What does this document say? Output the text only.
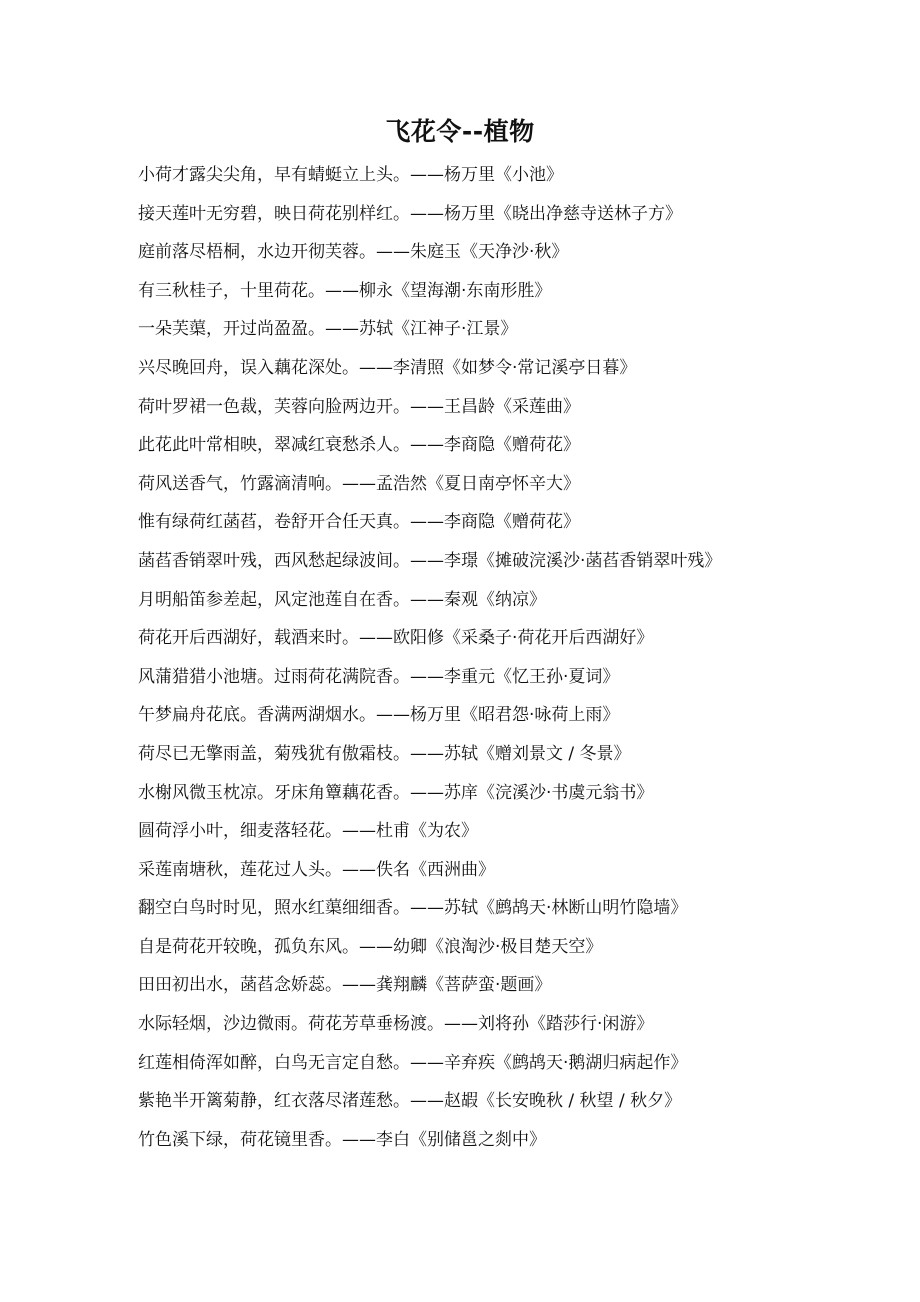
飞花令--植物
小荷才露尖尖角，早有蜻蜓立上头。——杨万里《小池》
接天莲叶无穷碧，映日荷花别样红。——杨万里《晓出净慈寺送林子方》
庭前落尽梧桐，水边开彻芙蓉。——朱庭玉《天净沙·秋》
有三秋桂子，十里荷花。——柳永《望海潮·东南形胜》
一朵芙蕖，开过尚盈盈。——苏轼《江神子·江景》
兴尽晚回舟，误入藕花深处。——李清照《如梦令·常记溪亭日暮》
荷叶罗裙一色裁，芙蓉向脸两边开。——王昌龄《采莲曲》
此花此叶常相映，翠减红衰愁杀人。——李商隐《赠荷花》
荷风送香气，竹露滴清响。——孟浩然《夏日南亭怀辛大》
惟有绿荷红菡萏，卷舒开合任天真。——李商隐《赠荷花》
菡萏香销翠叶残，西风愁起绿波间。——李璟《摊破浣溪沙·菡萏香销翠叶残》
月明船笛参差起，风定池莲自在香。——秦观《纳凉》
荷花开后西湖好，载酒来时。——欧阳修《采桑子·荷花开后西湖好》
风蒲猎猎小池塘。过雨荷花满院香。——李重元《忆王孙·夏词》
午梦扁舟花底。香满两湖烟水。——杨万里《昭君怨·咏荷上雨》
荷尽已无擎雨盖，菊残犹有傲霜枝。——苏轼《赠刘景文 / 冬景》
水榭风微玉枕凉。牙床角簟藕花香。——苏庠《浣溪沙·书虞元翁书》
圆荷浮小叶，细麦落轻花。——杜甫《为农》
采莲南塘秋，莲花过人头。——佚名《西洲曲》
翻空白鸟时时见，照水红蕖细细香。——苏轼《鹧鸪天·林断山明竹隐墙》
自是荷花开较晚，孤负东风。——幼卿《浪淘沙·极目楚天空》
田田初出水，菡萏念娇蕊。——龚翔麟《菩萨蛮·题画》
水际轻烟，沙边微雨。荷花芳草垂杨渡。——刘将孙《踏莎行·闲游》
红莲相倚浑如醉，白鸟无言定自愁。——辛弃疾《鹧鸪天·鹅湖归病起作》
紫艳半开篱菊静，红衣落尽渚莲愁。——赵嘏《长安晚秋 / 秋望 / 秋夕》
竹色溪下绿，荷花镜里香。——李白《别储邕之剡中》
